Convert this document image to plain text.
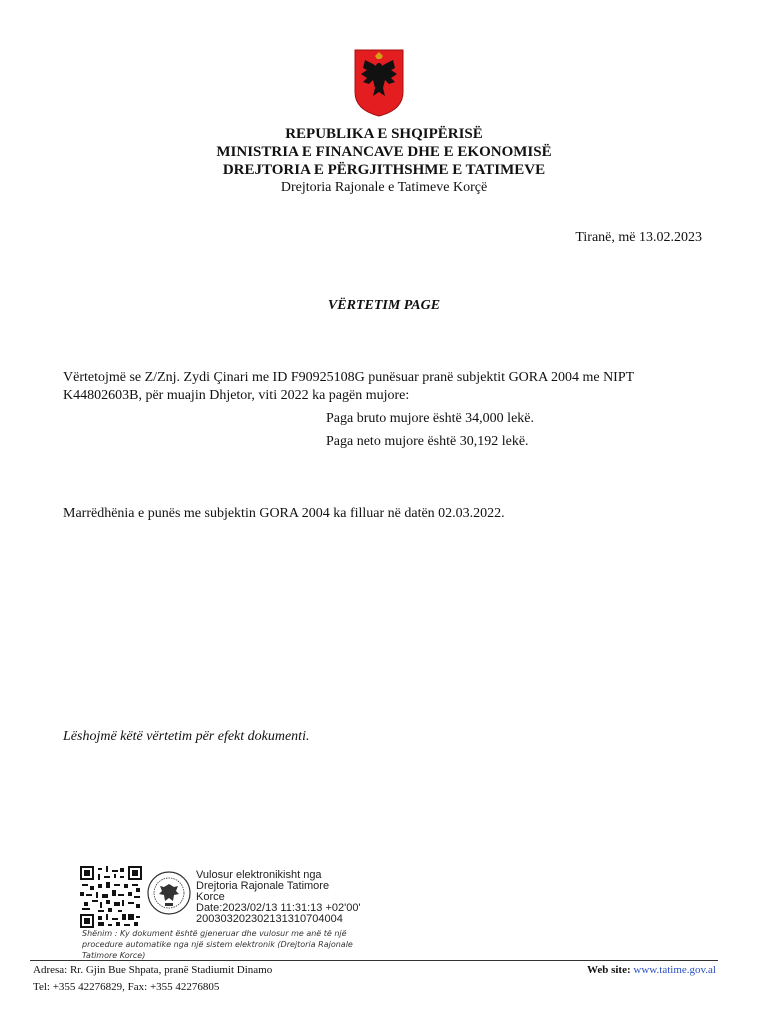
REPUBLIKA E SHQIPËRISË
MINISTRIA E FINANCAVE DHE E EKONOMISË
DREJTORIA E PËRGJITHSHME E TATIMEVE
Drejtoria Rajonale e Tatimeve Korçë
Tiranë, më 13.02.2023
VËRTETIM PAGE
Vërtetojmë se Z/Znj. Zydi Çinari me ID F90925108G punësuar pranë subjektit GORA 2004 me NIPT
K44802603B, për muajin Dhjetor, viti 2022 ka pagën mujore:
Paga bruto mujore është 34,000 lekë.
Paga neto mujore është 30,192 lekë.
Marrëdhënia e punës me subjektin GORA 2004 ka filluar në datën 02.03.2022.
Lëshojmë këtë vërtetim për efekt dokumenti.
Vulosur elektronikisht nga
Drejtoria Rajonale Tatimore
Korce
Date:2023/02/13 11:31:13 +02'00'
200303202302131310704004
Shënim : Ky dokument është gjeneruar dhe vulosur me anë të një procedure automatike nga një sistem elektronik (Drejtoria Rajonale Tatimore Korce)
Adresa: Rr. Gjin Bue Shpata, pranë Stadiumit Dinamo
Tel: +355 42276829, Fax: +355 42276805
Web site: www.tatime.gov.al
